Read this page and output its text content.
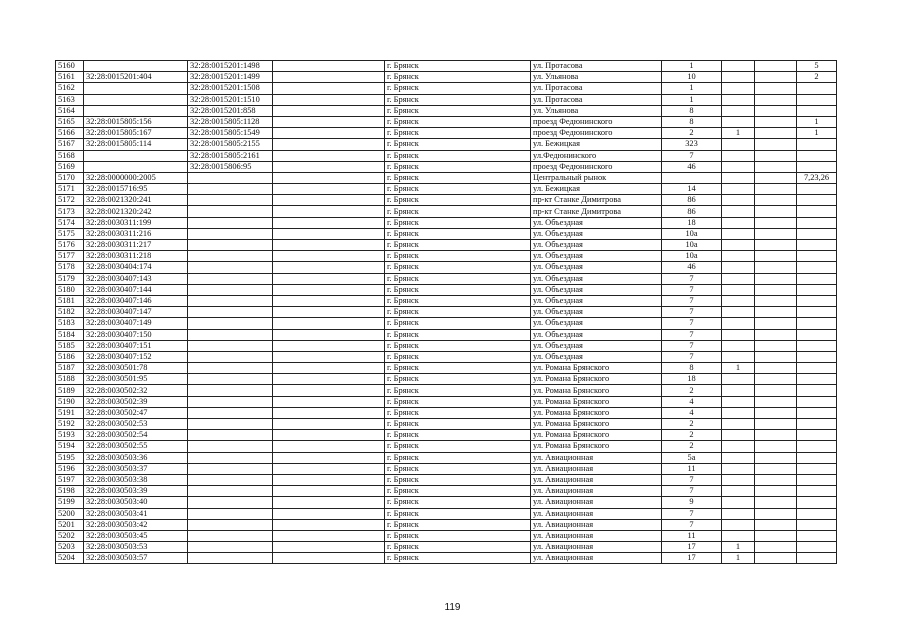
5160		32:28:0015201:1498		г. Брянск	ул. Протасова	1			5
5161	32:28:0015201:404	32:28:0015201:1499		г. Брянск	ул. Ульянова	10			2
5162		32:28:0015201:1508		г. Брянск	ул. Протасова	1			
5163		32:28:0015201:1510		г. Брянск	ул. Протасова	1			
5164		32:28:0015201:858		г. Брянск	ул. Ульянова	8			
5165	32:28:0015805:156	32:28:0015805:1128		г. Брянск	проезд Федюнинского	8			1
5166	32:28:0015805:167	32:28:0015805:1549		г. Брянск	проезд Федюнинского	2	1		1
5167	32:28:0015805:114	32:28:0015805:2155		г. Брянск	ул. Бежицкая	323			
5168		32:28:0015805:2161		г. Брянск	ул.Федюнинского	7			
5169		32:28:0015806:95		г. Брянск	проезд Федюнинского	46			
5170	32:28:0000000:2005			г. Брянск	Центральный рынок				7,23,26
5171	32:28:0015716:95			г. Брянск	ул. Бежицкая	14			
5172	32:28:0021320:241			г. Брянск	пр-кт Станке Димитрова	86			
5173	32:28:0021320:242			г. Брянск	пр-кт Станке Димитрова	86			
5174	32:28:0030311:199			г. Брянск	ул. Объездная	18			
5175	32:28:0030311:216			г. Брянск	ул. Объездная	10а			
5176	32:28:0030311:217			г. Брянск	ул. Объездная	10а			
5177	32:28:0030311:218			г. Брянск	ул. Объездная	10а			
5178	32:28:0030404:174			г. Брянск	ул. Объездная	46			
5179	32:28:0030407:143			г. Брянск	ул. Объездная	7			
5180	32:28:0030407:144			г. Брянск	ул. Объездная	7			
5181	32:28:0030407:146			г. Брянск	ул. Объездная	7			
5182	32:28:0030407:147			г. Брянск	ул. Объездная	7			
5183	32:28:0030407:149			г. Брянск	ул. Объездная	7			
5184	32:28:0030407:150			г. Брянск	ул. Объездная	7			
5185	32:28:0030407:151			г. Брянск	ул. Объездная	7			
5186	32:28:0030407:152			г. Брянск	ул. Объездная	7			
5187	32:28:0030501:78			г. Брянск	ул. Романа Брянского	8	1		
5188	32:28:0030501:95			г. Брянск	ул. Романа Брянского	18			
5189	32:28:0030502:32			г. Брянск	ул. Романа Брянского	2			
5190	32:28:0030502:39			г. Брянск	ул. Романа Брянского	4			
5191	32:28:0030502:47			г. Брянск	ул. Романа Брянского	4			
5192	32:28:0030502:53			г. Брянск	ул. Романа Брянского	2			
5193	32:28:0030502:54			г. Брянск	ул. Романа Брянского	2			
5194	32:28:0030502:55			г. Брянск	ул. Романа Брянского	2			
5195	32:28:0030503:36			г. Брянск	ул. Авиационная	5а			
5196	32:28:0030503:37			г. Брянск	ул. Авиационная	11			
5197	32:28:0030503:38			г. Брянск	ул. Авиационная	7			
5198	32:28:0030503:39			г. Брянск	ул. Авиационная	7			
5199	32:28:0030503:40			г. Брянск	ул. Авиационная	9			
5200	32:28:0030503:41			г. Брянск	ул. Авиационная	7			
5201	32:28:0030503:42			г. Брянск	ул. Авиационная	7			
5202	32:28:0030503:45			г. Брянск	ул. Авиационная	11			
5203	32:28:0030503:53			г. Брянск	ул. Авиационная	17	1		
5204	32:28:0030503:57			г. Брянск	ул. Авиационная	17	1		
119
